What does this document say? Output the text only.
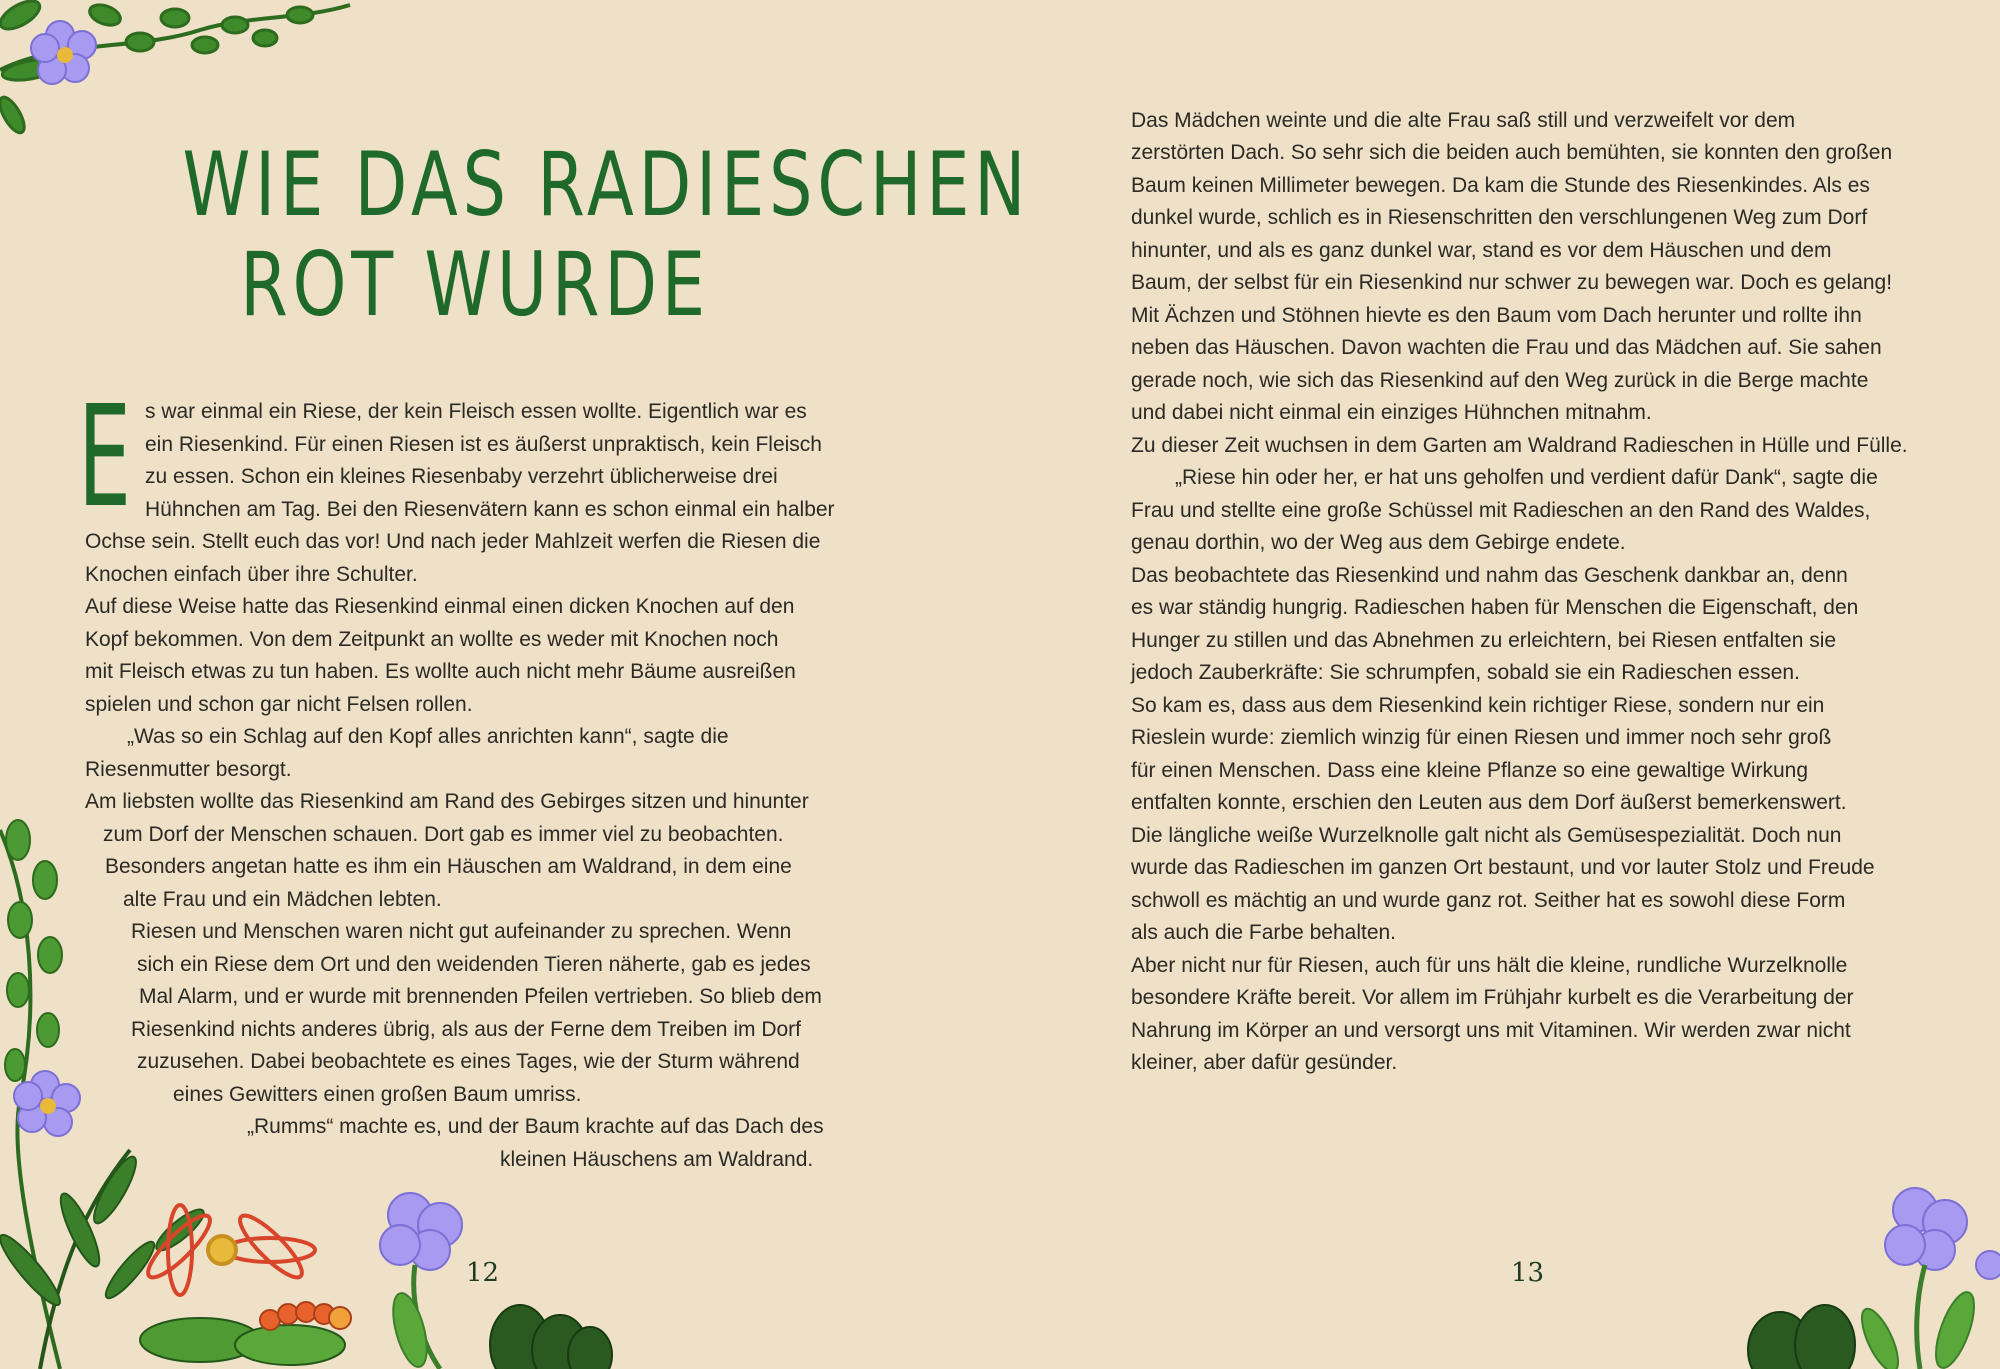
WIE DAS RADIESCHEN
ROT WURDE
E s war einmal ein Riese, der kein Fleisch essen wollte. Eigentlich war es
ein Riesenkind. Für einen Riesen ist es äußerst unpraktisch, kein Fleisch
zu essen. Schon ein kleines Riesenbaby verzehrt üblicherweise drei
Hühnchen am Tag. Bei den Riesenvätern kann es schon einmal ein halber
Ochse sein. Stellt euch das vor! Und nach jeder Mahlzeit werfen die Riesen die
Knochen einfach über ihre Schulter.
Auf diese Weise hatte das Riesenkind einmal einen dicken Knochen auf den
Kopf bekommen. Von dem Zeitpunkt an wollte es weder mit Knochen noch
mit Fleisch etwas zu tun haben. Es wollte auch nicht mehr Bäume ausreißen
spielen und schon gar nicht Felsen rollen.
„Was so ein Schlag auf den Kopf alles anrichten kann“, sagte die
Riesenmutter besorgt.
Am liebsten wollte das Riesenkind am Rand des Gebirges sitzen und hinunter
zum Dorf der Menschen schauen. Dort gab es immer viel zu beobachten.
Besonders angetan hatte es ihm ein Häuschen am Waldrand, in dem eine
alte Frau und ein Mädchen lebten.
Riesen und Menschen waren nicht gut aufeinander zu sprechen. Wenn
sich ein Riese dem Ort und den weidenden Tieren näherte, gab es jedes
Mal Alarm, und er wurde mit brennenden Pfeilen vertrieben. So blieb dem
Riesenkind nichts anderes übrig, als aus der Ferne dem Treiben im Dorf
zuzusehen. Dabei beobachtete es eines Tages, wie der Sturm während
eines Gewitters einen großen Baum umriss.
„Rumms“ machte es, und der Baum krachte auf das Dach des
kleinen Häuschens am Waldrand.
Das Mädchen weinte und die alte Frau saß still und verzweifelt vor dem
zerstörten Dach. So sehr sich die beiden auch bemühten, sie konnten den großen
Baum keinen Millimeter bewegen. Da kam die Stunde des Riesenkindes. Als es
dunkel wurde, schlich es in Riesenschritten den verschlungenen Weg zum Dorf
hinunter, und als es ganz dunkel war, stand es vor dem Häuschen und dem
Baum, der selbst für ein Riesenkind nur schwer zu bewegen war. Doch es gelang!
Mit Ächzen und Stöhnen hievte es den Baum vom Dach herunter und rollte ihn
neben das Häuschen. Davon wachten die Frau und das Mädchen auf. Sie sahen
gerade noch, wie sich das Riesenkind auf den Weg zurück in die Berge machte
und dabei nicht einmal ein einziges Hühnchen mitnahm.
Zu dieser Zeit wuchsen in dem Garten am Waldrand Radieschen in Hülle und Fülle.
„Riese hin oder her, er hat uns geholfen und verdient dafür Dank“, sagte die
Frau und stellte eine große Schüssel mit Radieschen an den Rand des Waldes,
genau dorthin, wo der Weg aus dem Gebirge endete.
Das beobachtete das Riesenkind und nahm das Geschenk dankbar an, denn
es war ständig hungrig. Radieschen haben für Menschen die Eigenschaft, den
Hunger zu stillen und das Abnehmen zu erleichtern, bei Riesen entfalten sie
jedoch Zauberkräfte: Sie schrumpfen, sobald sie ein Radieschen essen.
So kam es, dass aus dem Riesenkind kein richtiger Riese, sondern nur ein
Rieslein wurde: ziemlich winzig für einen Riesen und immer noch sehr groß
für einen Menschen. Dass eine kleine Pflanze so eine gewaltige Wirkung
entfalten konnte, erschien den Leuten aus dem Dorf äußerst bemerkenswert.
Die längliche weiße Wurzelknolle galt nicht als Gemüsespezialität. Doch nun
wurde das Radieschen im ganzen Ort bestaunt, und vor lauter Stolz und Freude
schwoll es mächtig an und wurde ganz rot. Seither hat es sowohl diese Form
als auch die Farbe behalten.
Aber nicht nur für Riesen, auch für uns hält die kleine, rundliche Wurzelknolle
besondere Kräfte bereit. Vor allem im Frühjahr kurbelt es die Verarbeitung der
Nahrung im Körper an und versorgt uns mit Vitaminen. Wir werden zwar nicht
kleiner, aber dafür gesünder.
12	13
